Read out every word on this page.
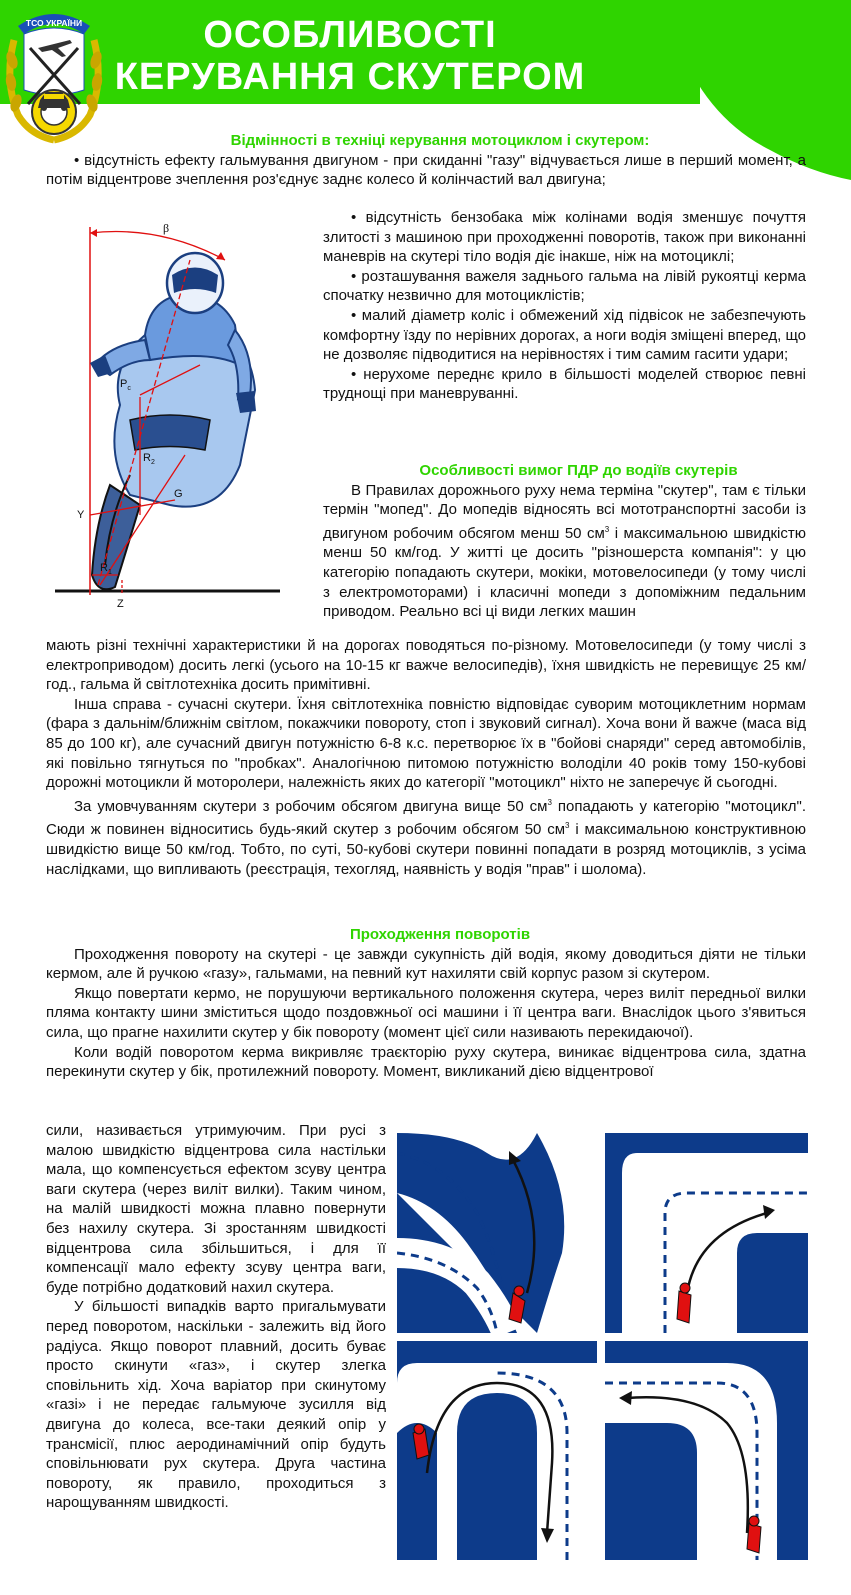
ОСОБЛИВОСТІ
КЕРУВАННЯ СКУТЕРОМ
ТСО УКРАЇНИ

Відмінності в техніці керування мотоциклом і скутером:

• відсутність ефекту гальмування двигуном - при скиданні "газу" відчувається лише в перший момент, а потім відцентрове зчеплення роз'єднує заднє колесо й колінчастий вал двигуна;

• відсутність бензобака між колінами водія зменшує почуття злитості з машиною при проходженні поворотів, також при виконанні маневрів на скутері тіло водія діє інакше, ніж на мотоциклі;

• розташування важеля заднього гальма на лівій рукоятці керма спочатку незвично для мотоциклістів;

• малий діаметр коліс і обмежений хід підвісок не забезпечують комфортну їзду по нерівних дорогах, а ноги водія зміщені вперед, що не дозволяє підводитися на нерівностях і тим самим гасити удари;

• нерухоме переднє крило в більшості моделей створює певні труднощі при маневруванні.

β
$P_c$
$R_2$
G
Y
$R_1$
Z

Особливості вимог ПДР до водіїв скутерів

В Правилах дорожнього руху нема терміна "скутер", там є тільки термін "мопед". До мопедів відносять всі мототранспортні засоби із двигуном робочим обсягом менш 50 $см^3$ і максимальною швидкістю менш 50 км/год. У житті це досить "різношерста компанія": у цю категорію попадають скутери, мокіки, мотовелосипеди (у тому числі з електромоторами) і класичні мопеди з допоміжним педальним приводом. Реально всі ці види легких машин

мають різні технічні характеристики й на дорогах поводяться по-різному. Мотовелосипеди (у тому числі з електроприводом) досить легкі (усього на 10-15 кг важче велосипедів), їхня швидкість не перевищує 25 км/год., гальма й світлотехніка досить примітивні.

Інша справа - сучасні скутери. Їхня світлотехніка повністю відповідає суворим мотоциклетним нормам (фара з дальнім/ближнім світлом, покажчики повороту, стоп і звуковий сигнал). Хоча вони й важче (маса від 85 до 100 кг), але сучасний двигун потужністю 6-8 к.с. перетворює їх в "бойові снаряди" серед автомобілів, які повільно тягнуться по "пробках". Аналогічною питомою потужністю володіли 40 років тому 150-кубові дорожні мотоцикли й моторолери, належність яких до категорії "мотоцикл" ніхто не заперечує й сьогодні.

За умовчуванням скутери з робочим обсягом двигуна вище 50 $см^3$ попадають у категорію "мотоцикл". Сюди ж повинен відноситись будь-який скутер з робочим обсягом 50 $см^3$ і максимальною конструктивною швидкістю вище 50 км/год. Тобто, по суті, 50-кубові скутери повинні попадати в розряд мотоциклів, з усіма наслідками, що випливають (реєстрація, техогляд, наявність у водія "прав" і шолома).

Проходження поворотів

Проходження повороту на скутері - це завжди сукупність дій водія, якому доводиться діяти не тільки кермом, але й ручкою «газу», гальмами, на певний кут нахиляти свій корпус разом зі скутером.

Якщо повертати кермо, не порушуючи вертикального положення скутера, через виліт передньої вилки пляма контакту шини зміститься щодо поздовжньої осі машини і її центра ваги. Внаслідок цього з'явиться сила, що прагне нахилити скутер у бік повороту (момент цієї сили називають перекидаючої).

Коли водій поворотом керма викривляє траєкторію руху скутера, виникає відцентрова сила, здатна перекинути скутер у бік, протилежний повороту. Момент, викликаний дією відцентрової

сили, називається утримуючим. При русі з малою швидкістю відцентрова сила настільки мала, що компенсується ефектом зсуву центра ваги скутера (через виліт вилки). Таким чином, на малій швидкості можна плавно повернути без нахилу скутера. Зі зростанням швидкості відцентрова сила збільшиться, і для її компенсації мало ефекту зсуву центра ваги, буде потрібно додатковий нахил скутера.

У більшості випадків варто пригальмувати перед поворотом, наскільки - залежить від його радіуса. Якщо поворот плавний, досить буває просто скинути «газ», і скутер злегка сповільнить хід. Хоча варіатор при скинутому «газі» і не передає гальмуюче зусилля від двигуна до колеса, все-таки деякий опір у трансмісії, плюс аеродинамічний опір будуть сповільнювати рух скутера. Друга частина повороту, як правило, проходиться з нарощуванням швидкості.
